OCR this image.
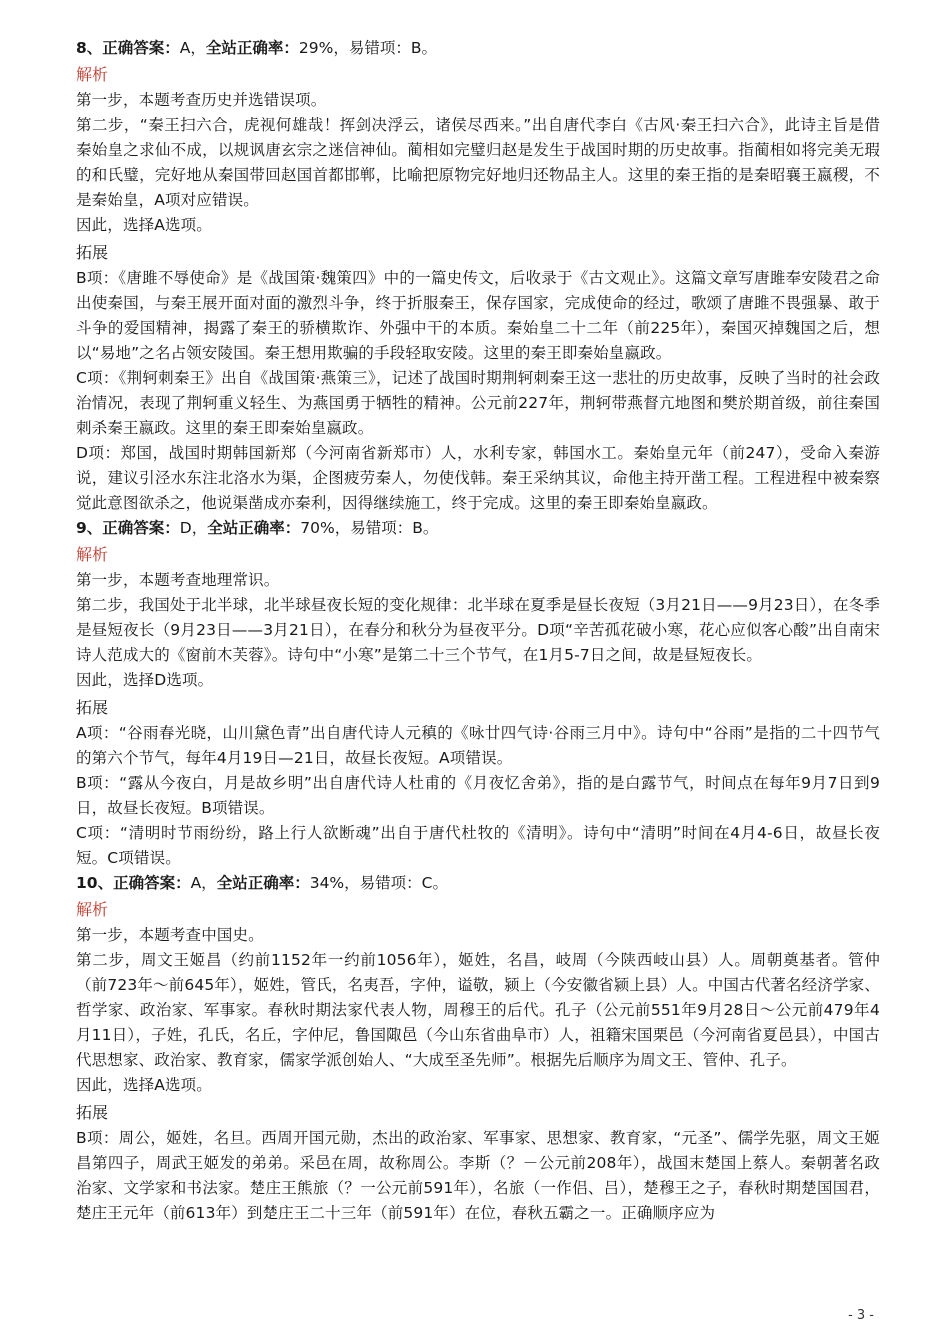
8、正确答案：A，全站正确率：29%，易错项：B。
解析

第一步，本题考查历史并选错误项。

第二步，“秦王扫六合，虎视何雄哉！挥剑决浮云，诸侯尽西来。”出自唐代李白《古风·秦王扫六合》，此诗主旨是借秦始皇之求仙不成，以规讽唐玄宗之迷信神仙。蔺相如完璧归赵是发生于战国时期的历史故事。指蔺相如将完美无瑕的和氏璧，完好地从秦国带回赵国首都邯郸，比喻把原物完好地归还物品主人。这里的秦王指的是秦昭襄王嬴稷，不是秦始皇，A项对应错误。

因此，选择A选项。

拓展

B项：《唐雎不辱使命》是《战国策·魏策四》中的一篇史传文，后收录于《古文观止》。这篇文章写唐雎奉安陵君之命出使秦国，与秦王展开面对面的激烈斗争，终于折服秦王，保存国家，完成使命的经过，歌颂了唐雎不畏强暴、敢于斗争的爱国精神，揭露了秦王的骄横欺诈、外强中干的本质。秦始皇二十二年（前225年），秦国灭掉魏国之后，想以“易地”之名占领安陵国。秦王想用欺骗的手段轻取安陵。这里的秦王即秦始皇嬴政。

C项：《荆轲刺秦王》出自《战国策·燕策三》，记述了战国时期荆轲刺秦王这一悲壮的历史故事，反映了当时的社会政治情况，表现了荆轲重义轻生、为燕国勇于牺牲的精神。公元前227年，荆轲带燕督亢地图和樊於期首级，前往秦国刺杀秦王嬴政。这里的秦王即秦始皇嬴政。

D项：郑国，战国时期韩国新郑（今河南省新郑市）人，水利专家，韩国水工。秦始皇元年（前247），受命入秦游说，建议引泾水东注北洛水为渠，企图疲劳秦人，勿使伐韩。秦王采纳其议，命他主持开凿工程。工程进程中被秦察觉此意图欲杀之，他说渠凿成亦秦利，因得继续施工，终于完成。这里的秦王即秦始皇嬴政。

9、正确答案：D，全站正确率：70%，易错项：B。
解析

第一步，本题考查地理常识。

第二步，我国处于北半球，北半球昼夜长短的变化规律：北半球在夏季是昼长夜短（3月21日——9月23日），在冬季是昼短夜长（9月23日——3月21日），在春分和秋分为昼夜平分。D项“辛苦孤花破小寒，花心应似客心酸”出自南宋诗人范成大的《窗前木芙蓉》。诗句中“小寒”是第二十三个节气，在1月5-7日之间，故是昼短夜长。

因此，选择D选项。

拓展

A项：“谷雨春光晓，山川黛色青”出自唐代诗人元稹的《咏廿四气诗·谷雨三月中》。诗句中“谷雨”是指的二十四节气的第六个节气，每年4月19日—21日，故昼长夜短。A项错误。

B项：“露从今夜白，月是故乡明”出自唐代诗人杜甫的《月夜忆舍弟》，指的是白露节气，时间点在每年9月7日到9日，故昼长夜短。B项错误。

C项：“清明时节雨纷纷，路上行人欲断魂”出自于唐代杜牧的《清明》。诗句中“清明”时间在4月4-6日，故昼长夜短。C项错误。

10、正确答案：A，全站正确率：34%，易错项：C。
解析

第一步，本题考查中国史。

第二步，周文王姬昌（约前1152年一约前1056年），姬姓，名昌，岐周（今陕西岐山县）人。周朝奠基者。管仲（前723年～前645年），姬姓，管氏，名夷吾，字仲，谥敬，颍上（今安徽省颍上县）人。中国古代著名经济学家、哲学家、政治家、军事家。春秋时期法家代表人物，周穆王的后代。孔子（公元前551年9月28日～公元前479年4月11日），子姓，孔氏，名丘，字仲尼，鲁国陬邑（今山东省曲阜市）人，祖籍宋国栗邑（今河南省夏邑县），中国古代思想家、政治家、教育家，儒家学派创始人、“大成至圣先师”。根据先后顺序为周文王、管仲、孔子。

因此，选择A选项。

拓展

B项：周公，姬姓，名旦。西周开国元勋，杰出的政治家、军事家、思想家、教育家，“元圣”、儒学先驱，周文王姬昌第四子，周武王姬发的弟弟。采邑在周，故称周公。李斯（？－公元前208年），战国末楚国上蔡人。秦朝著名政治家、文学家和书法家。楚庄王熊旅（？一公元前591年），名旅（一作侣、吕），楚穆王之子，春秋时期楚国国君，楚庄王元年（前613年）到楚庄王二十三年（前591年）在位，春秋五霸之一。正确顺序应为

- 3 -
